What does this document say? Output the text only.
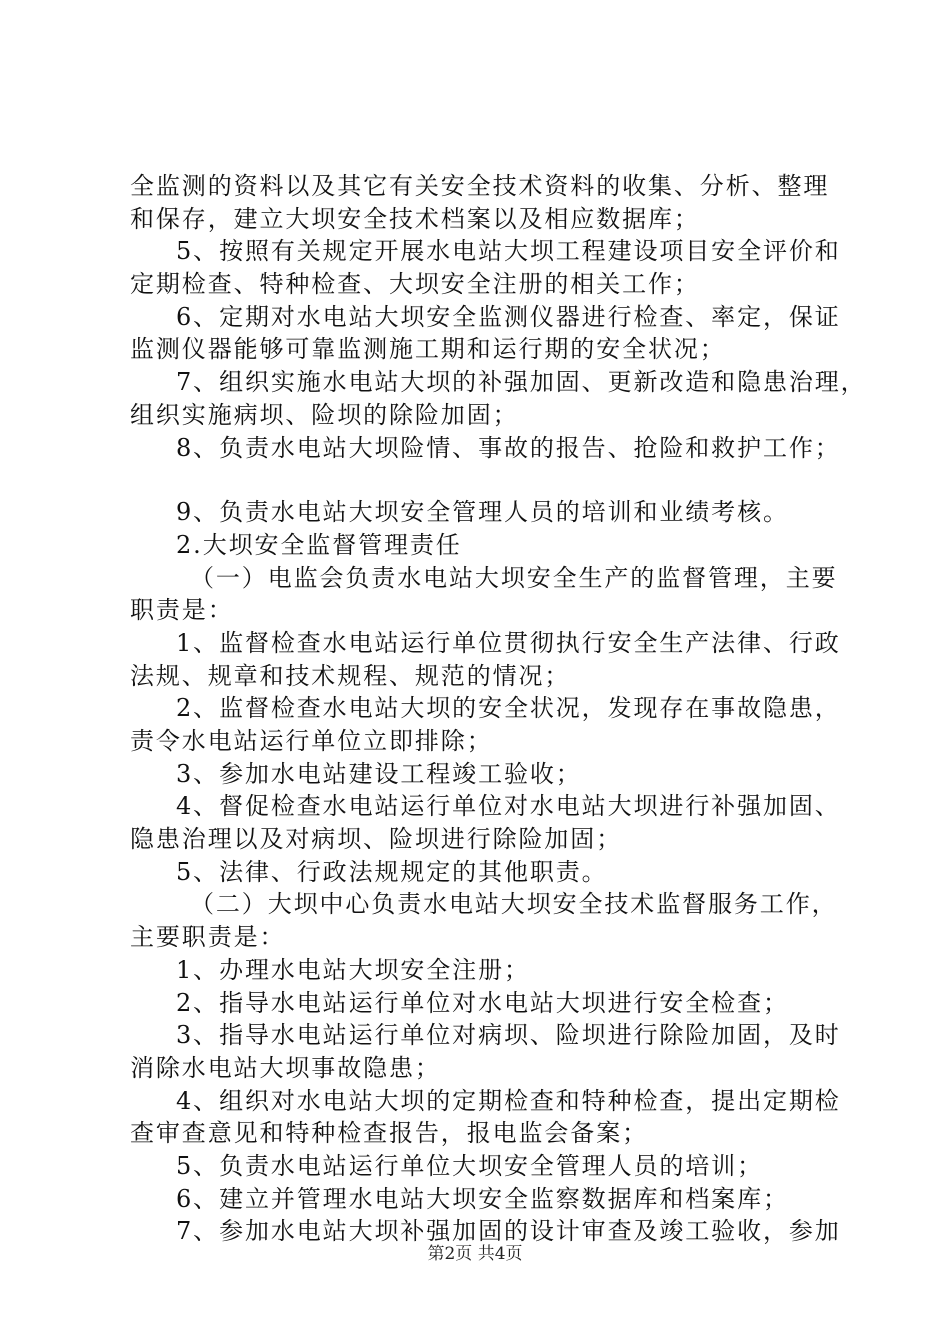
全监测的资料以及其它有关安全技术资料的收集、分析、整理
和保存，建立大坝安全技术档案以及相应数据库；
5、按照有关规定开展水电站大坝工程建设项目安全评价和
定期检查、特种检查、大坝安全注册的相关工作；
6、定期对水电站大坝安全监测仪器进行检查、率定，保证
监测仪器能够可靠监测施工期和运行期的安全状况；
7、组织实施水电站大坝的补强加固、更新改造和隐患治理，
组织实施病坝、险坝的除险加固；
8、负责水电站大坝险情、事故的报告、抢险和救护工作；
9、负责水电站大坝安全管理人员的培训和业绩考核。
2.大坝安全监督管理责任
（一）电监会负责水电站大坝安全生产的监督管理，主要
职责是：
1、监督检查水电站运行单位贯彻执行安全生产法律、行政
法规、规章和技术规程、规范的情况；
2、监督检查水电站大坝的安全状况，发现存在事故隐患，
责令水电站运行单位立即排除；
3、参加水电站建设工程竣工验收；
4、督促检查水电站运行单位对水电站大坝进行补强加固、
隐患治理以及对病坝、险坝进行除险加固；
5、法律、行政法规规定的其他职责。
（二）大坝中心负责水电站大坝安全技术监督服务工作，
主要职责是：
1、办理水电站大坝安全注册；
2、指导水电站运行单位对水电站大坝进行安全检查；
3、指导水电站运行单位对病坝、险坝进行除险加固，及时
消除水电站大坝事故隐患；
4、组织对水电站大坝的定期检查和特种检查，提出定期检
查审查意见和特种检查报告，报电监会备案；
5、负责水电站运行单位大坝安全管理人员的培训；
6、建立并管理水电站大坝安全监察数据库和档案库；
7、参加水电站大坝补强加固的设计审查及竣工验收，参加
第2页 共4页
